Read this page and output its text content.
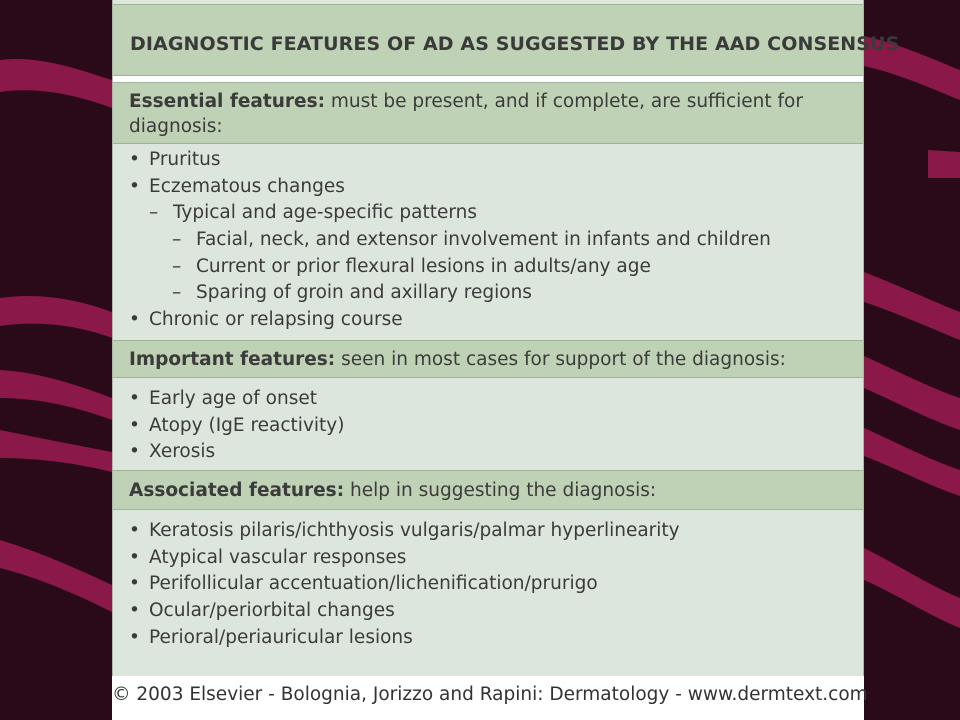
DIAGNOSTIC FEATURES OF AD AS SUGGESTED BY THE AAD CONSENSUS
Essential features: must be present, and if complete, are sufficient for
diagnosis:
• Pruritus
• Eczematous changes
– Typical and age-specific patterns
– Facial, neck, and extensor involvement in infants and children
– Current or prior flexural lesions in adults/any age
– Sparing of groin and axillary regions
• Chronic or relapsing course
Important features: seen in most cases for support of the diagnosis:
• Early age of onset
• Atopy (IgE reactivity)
• Xerosis
Associated features: help in suggesting the diagnosis:
• Keratosis pilaris/ichthyosis vulgaris/palmar hyperlinearity
• Atypical vascular responses
• Perifollicular accentuation/lichenification/prurigo
• Ocular/periorbital changes
• Perioral/periauricular lesions
© 2003 Elsevier - Bolognia, Jorizzo and Rapini: Dermatology - www.dermtext.com
